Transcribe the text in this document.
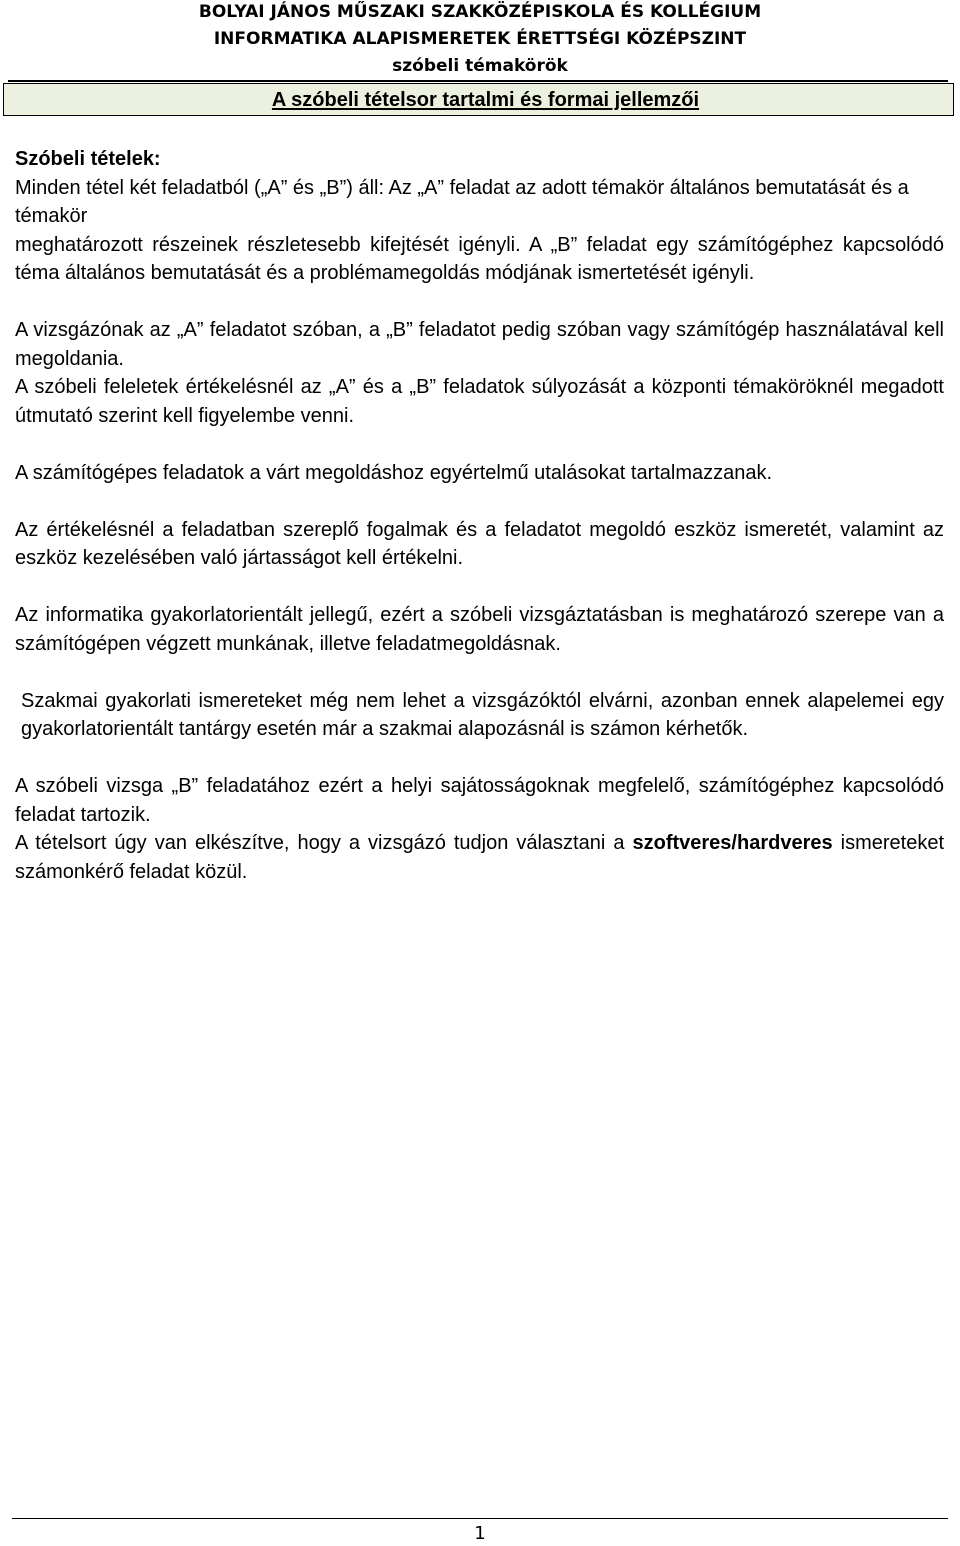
BOLYAI JÁNOS MŰSZAKI SZAKKÖZÉPISKOLA ÉS KOLLÉGIUM
INFORMATIKA ALAPISMERETEK ÉRETTSÉGI KÖZÉPSZINT
szóbeli témakörök
A szóbeli tételsor tartalmi és formai jellemzői

Szóbeli tételek:

Minden tétel két feladatból („A” és „B”) áll: Az „A” feladat az adott témakör általános bemutatását és a témakör

meghatározott részeinek részletesebb kifejtését igényli. A „B” feladat egy számítógéphez kapcsolódó téma általános bemutatását és a problémamegoldás módjának ismertetését igényli.

A vizsgázónak az „A” feladatot szóban, a „B” feladatot pedig szóban vagy számítógép használatával kell megoldania.

A szóbeli feleletek értékelésnél az „A” és a „B” feladatok súlyozását a központi témaköröknél megadott útmutató szerint kell figyelembe venni.

A számítógépes feladatok a várt megoldáshoz egyértelmű utalásokat tartalmazzanak.

Az értékelésnél a feladatban szereplő fogalmak és a feladatot megoldó eszköz ismeretét, valamint az eszköz kezelésében való jártasságot kell értékelni.

Az informatika gyakorlatorientált jellegű, ezért a szóbeli vizsgáztatásban is meghatározó szerepe van a számítógépen végzett munkának, illetve feladatmegoldásnak.

Szakmai gyakorlati ismereteket még nem lehet a vizsgázóktól elvárni, azonban ennek alapelemei egy gyakorlatorientált tantárgy esetén már a szakmai alapozásnál is számon kérhetők.

A szóbeli vizsga „B” feladatához ezért a helyi sajátosságoknak megfelelő, számítógéphez kapcsolódó feladat tartozik.

A tételsort úgy van elkészítve, hogy a vizsgázó tudjon választani a szoftveres/hardveres ismereteket számonkérő feladat közül.

1
